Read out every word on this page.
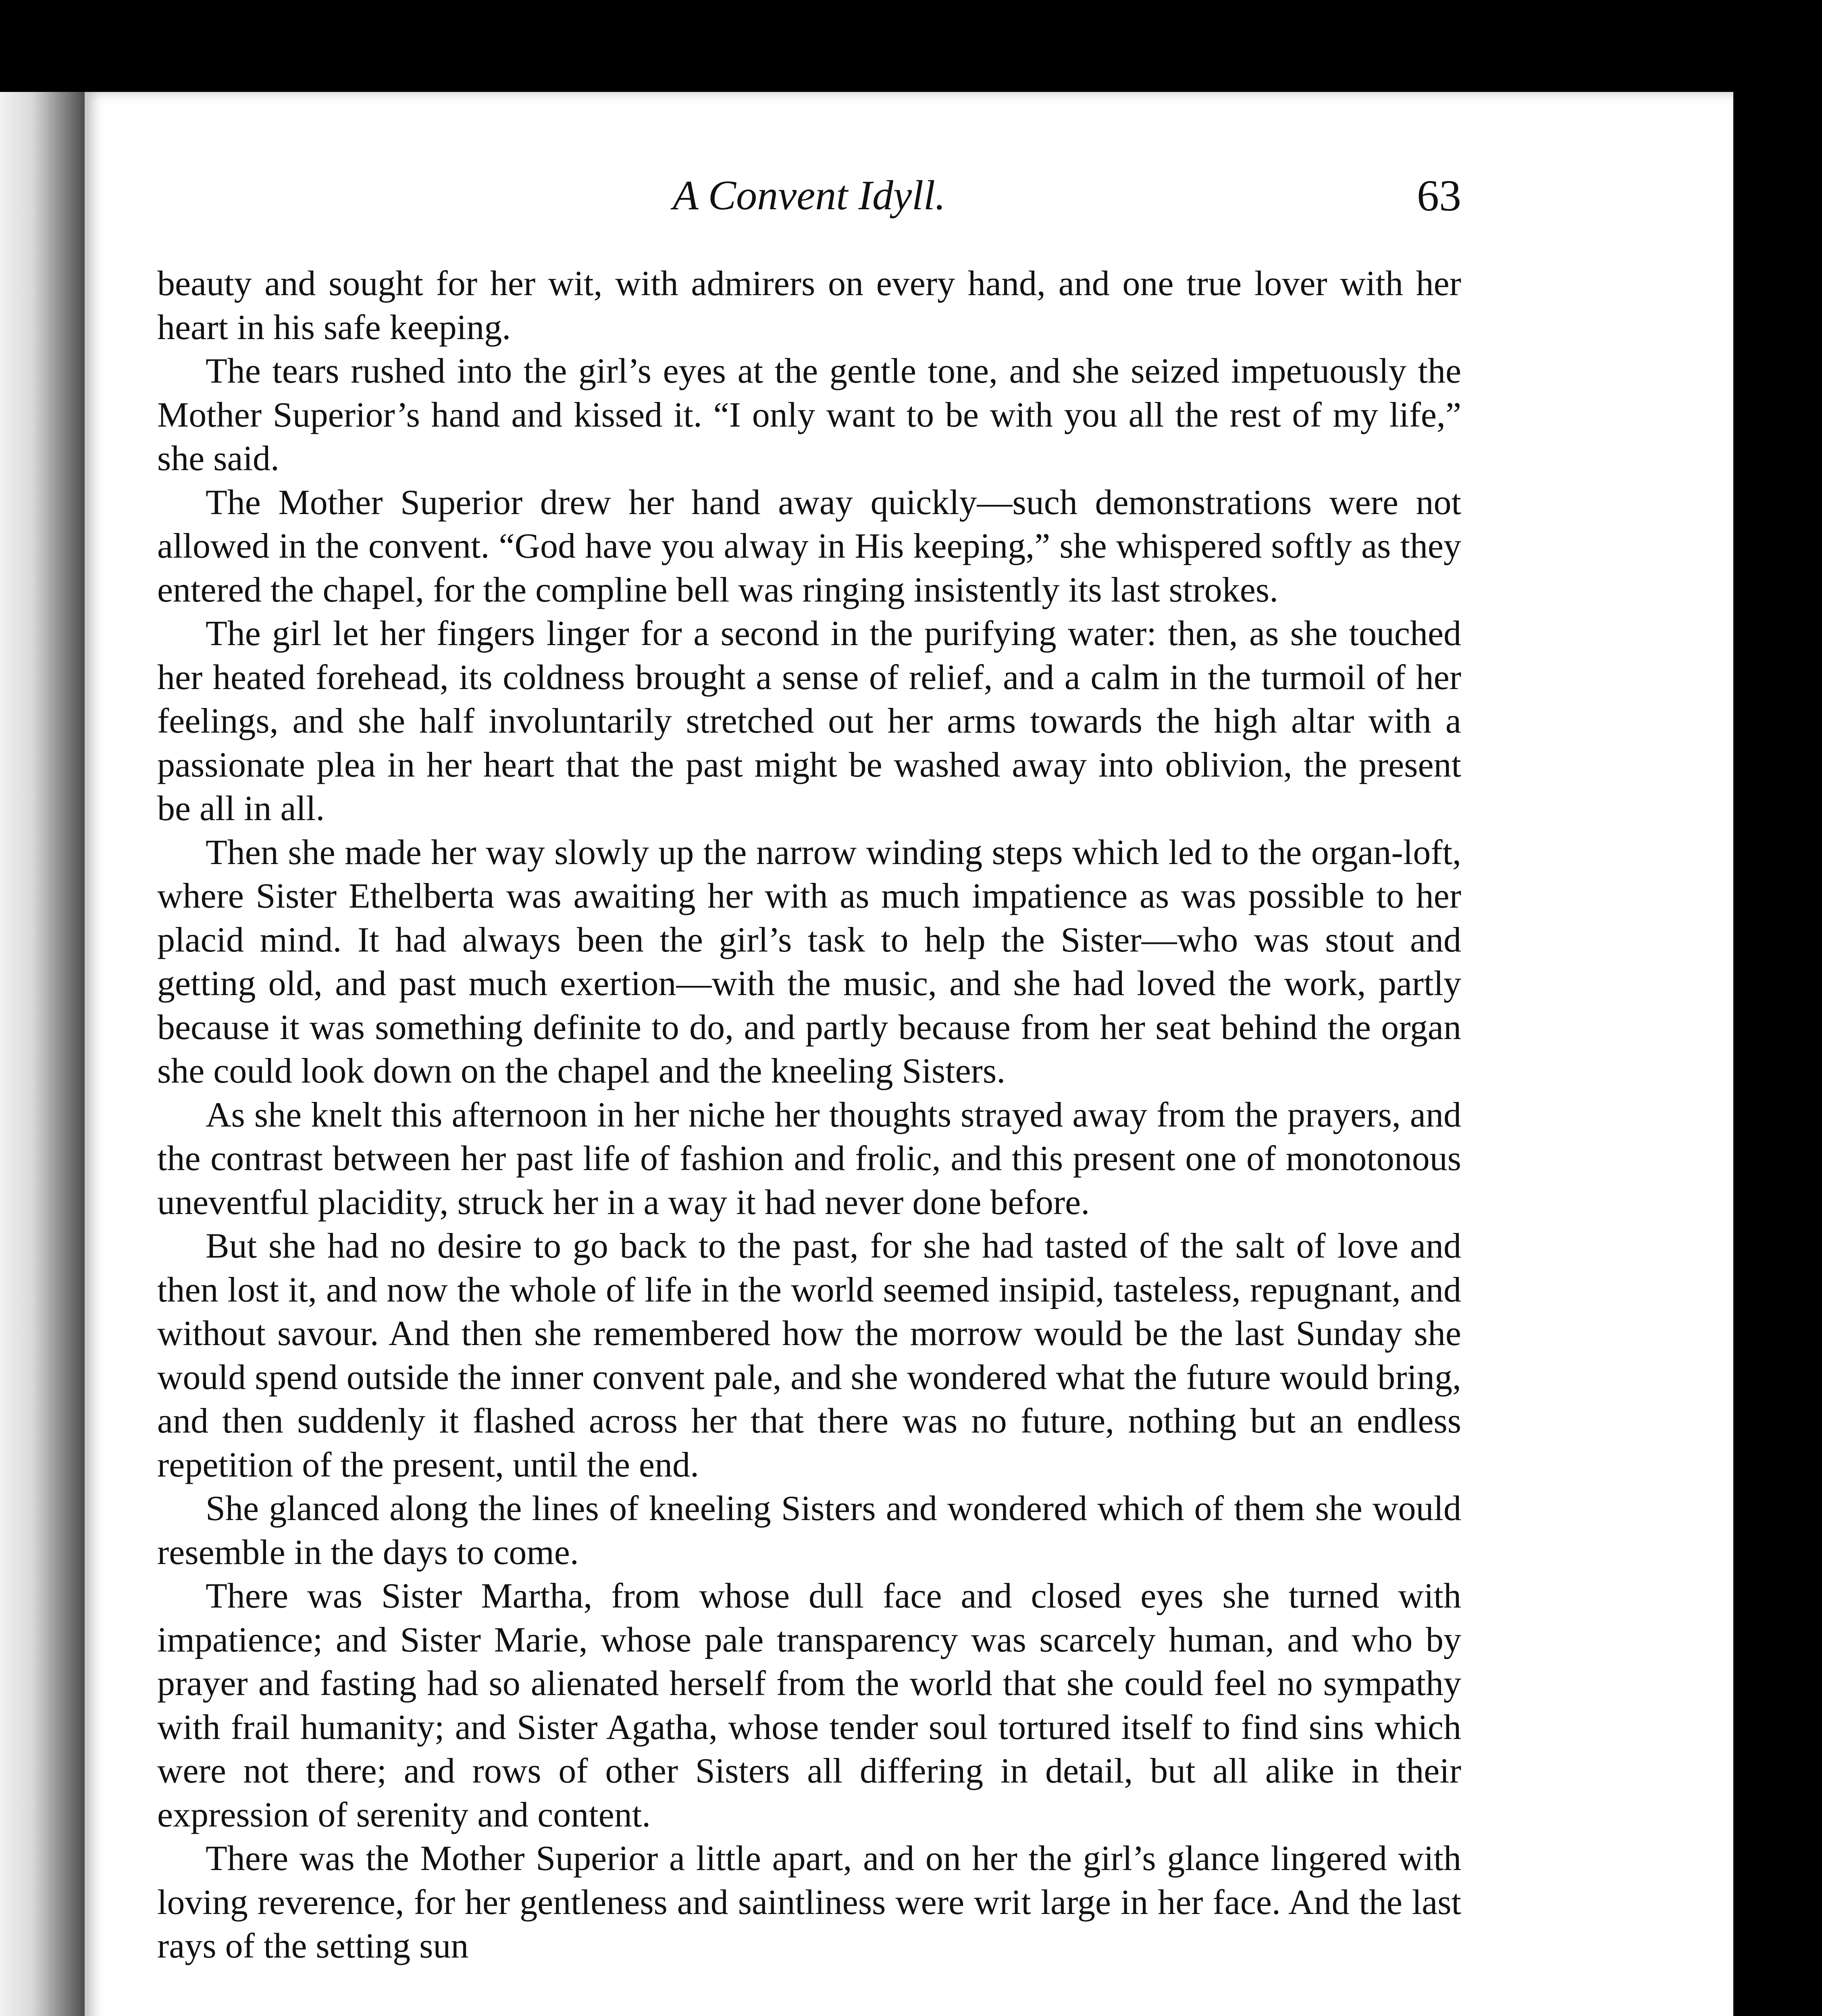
A Convent Idyll.	63

beauty and sought for her wit, with admirers on every hand, and one true lover with her heart in his safe keeping.

The tears rushed into the girl’s eyes at the gentle tone, and she seized impetuously the Mother Superior’s hand and kissed it. “I only want to be with you all the rest of my life,” she said.

The Mother Superior drew her hand away quickly—such demonstrations were not allowed in the convent. “God have you alway in His keeping,” she whispered softly as they entered the chapel, for the compline bell was ringing insistently its last strokes.

The girl let her fingers linger for a second in the purifying water: then, as she touched her heated forehead, its coldness brought a sense of relief, and a calm in the turmoil of her feelings, and she half involuntarily stretched out her arms towards the high altar with a passionate plea in her heart that the past might be washed away into oblivion, the present be all in all.

Then she made her way slowly up the narrow winding steps which led to the organ-loft, where Sister Ethelberta was awaiting her with as much impatience as was possible to her placid mind. It had always been the girl’s task to help the Sister—who was stout and getting old, and past much exertion—with the music, and she had loved the work, partly because it was something definite to do, and partly because from her seat behind the organ she could look down on the chapel and the kneeling Sisters.

As she knelt this afternoon in her niche her thoughts strayed away from the prayers, and the contrast between her past life of fashion and frolic, and this present one of monotonous uneventful placidity, struck her in a way it had never done before.

But she had no desire to go back to the past, for she had tasted of the salt of love and then lost it, and now the whole of life in the world seemed insipid, tasteless, repugnant, and without savour. And then she remembered how the morrow would be the last Sunday she would spend outside the inner convent pale, and she wondered what the future would bring, and then suddenly it flashed across her that there was no future, nothing but an endless repetition of the present, until the end.

She glanced along the lines of kneeling Sisters and wondered which of them she would resemble in the days to come.

There was Sister Martha, from whose dull face and closed eyes she turned with impatience; and Sister Marie, whose pale transparency was scarcely human, and who by prayer and fasting had so alienated herself from the world that she could feel no sympathy with frail humanity; and Sister Agatha, whose tender soul tortured itself to find sins which were not there; and rows of other Sisters all differing in detail, but all alike in their expression of serenity and content.

There was the Mother Superior a little apart, and on her the girl’s glance lingered with loving reverence, for her gentleness and saintliness were writ large in her face. And the last rays of the setting sun
